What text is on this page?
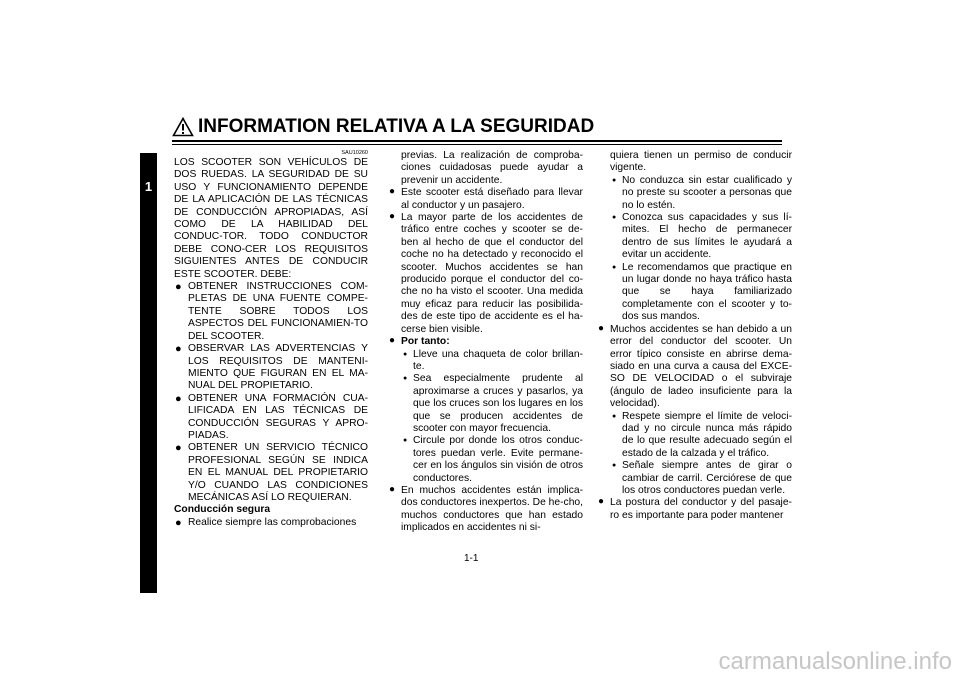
1
INFORMATION RELATIVA A LA SEGURIDAD
SAU10260
LOS SCOOTER SON VEHÍCULOS DE DOS RUEDAS. LA SEGURIDAD DE SU USO Y FUNCIONAMIENTO DEPENDE DE LA APLICACIÓN DE LAS TÉCNICAS DE CONDUCCIÓN APROPIADAS, ASÍ COMO DE LA HABILIDAD DEL CONDUC-TOR. TODO CONDUCTOR DEBE CONO-CER LOS REQUISITOS SIGUIENTES ANTES DE CONDUCIR ESTE SCOOTER. DEBE:
● OBTENER INSTRUCCIONES COM-PLETAS DE UNA FUENTE COMPE-TENTE SOBRE TODOS LOS ASPECTOS DEL FUNCIONAMIEN-TO DEL SCOOTER.
● OBSERVAR LAS ADVERTENCIAS Y LOS REQUISITOS DE MANTENI-MIENTO QUE FIGURAN EN EL MA-NUAL DEL PROPIETARIO.
● OBTENER UNA FORMACIÓN CUA-LIFICADA EN LAS TÉCNICAS DE CONDUCCIÓN SEGURAS Y APRO-PIADAS.
● OBTENER UN SERVICIO TÉCNICO PROFESIONAL SEGÚN SE INDICA EN EL MANUAL DEL PROPIETARIO Y/O CUANDO LAS CONDICIONES MECÁNICAS ASÍ LO REQUIERAN.
Conducción segura
● Realice siempre las comprobaciones
previas. La realización de comproba-ciones cuidadosas puede ayudar a prevenir un accidente.
● Este scooter está diseñado para llevar al conductor y un pasajero.
● La mayor parte de los accidentes de tráfico entre coches y scooter se de-ben al hecho de que el conductor del coche no ha detectado y reconocido el scooter. Muchos accidentes se han producido porque el conductor del co-che no ha visto el scooter. Una medida muy eficaz para reducir las posibilida-des de este tipo de accidente es el ha-cerse bien visible.
● Por tanto:
● Lleve una chaqueta de color brillan-te.
● Sea especialmente prudente al aproximarse a cruces y pasarlos, ya que los cruces son los lugares en los que se producen accidentes de scooter con mayor frecuencia.
● Circule por donde los otros conduc-tores puedan verle. Evite permane-cer en los ángulos sin visión de otros conductores.
● En muchos accidentes están implica-dos conductores inexpertos. De he-cho, muchos conductores que han estado implicados en accidentes ni si-
quiera tienen un permiso de conducir vigente.
● No conduzca sin estar cualificado y no preste su scooter a personas que no lo estén.
● Conozca sus capacidades y sus lí-mites. El hecho de permanecer dentro de sus límites le ayudará a evitar un accidente.
● Le recomendamos que practique en un lugar donde no haya tráfico hasta que se haya familiarizado completamente con el scooter y to-dos sus mandos.
● Muchos accidentes se han debido a un error del conductor del scooter. Un error típico consiste en abrirse dema-siado en una curva a causa del EXCE-SO DE VELOCIDAD o el subviraje (ángulo de ladeo insuficiente para la velocidad).
● Respete siempre el límite de veloci-dad y no circule nunca más rápido de lo que resulte adecuado según el estado de la calzada y el tráfico.
● Señale siempre antes de girar o cambiar de carril. Cerciórese de que los otros conductores puedan verle.
● La postura del conductor y del pasaje-ro es importante para poder mantener
1-1
carmanualsonline.info
